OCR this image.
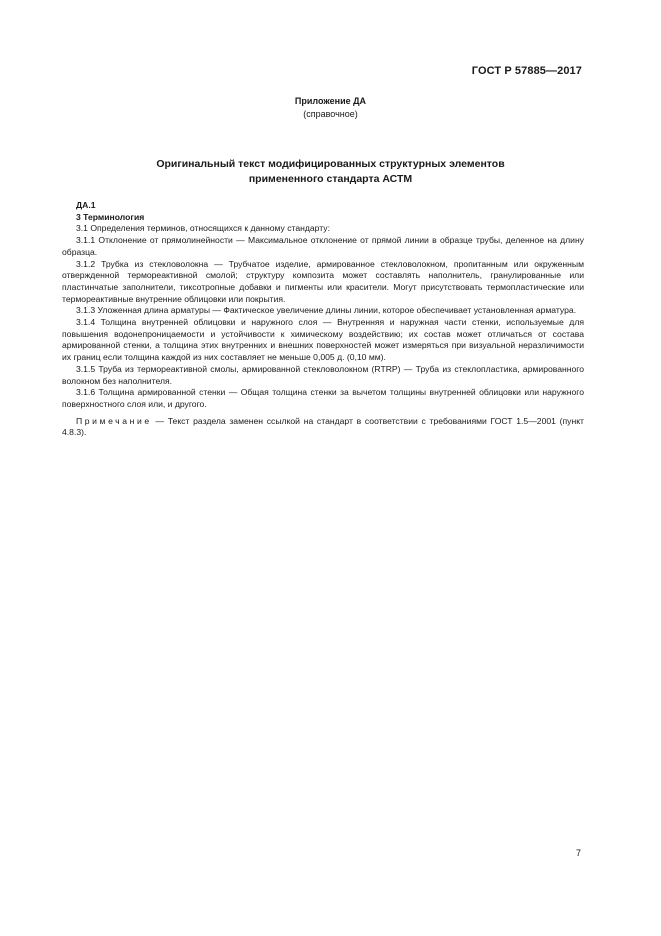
ГОСТ Р 57885—2017
Приложение ДА
(справочное)
Оригинальный текст модифицированных структурных элементов
примененного стандарта АСТМ

ДА.1

3 Терминология

3.1 Определения терминов, относящихся к данному стандарту:

3.1.1 Отклонение от прямолинейности — Максимальное отклонение от прямой линии в образце трубы, деленное на длину образца.

3.1.2 Трубка из стекловолокна — Трубчатое изделие, армированное стекловолокном, пропитанным или окруженным отвержденной термореактивной смолой; структуру композита может составлять наполнитель, гранулированные или пластинчатые заполнители, тиксотропные добавки и пигменты или красители. Могут присутствовать термопластические или термореактивные внутренние облицовки или покрытия.

3.1.3 Уложенная длина арматуры — Фактическое увеличение длины линии, которое обеспечивает установленная арматура.

3.1.4 Толщина внутренней облицовки и наружного слоя — Внутренняя и наружная части стенки, используемые для повышения водонепроницаемости и устойчивости к химическому воздействию; их состав может отличаться от состава армированной стенки, а толщина этих внутренних и внешних поверхностей может измеряться при визуальной неразличимости их границ если толщина каждой из них составляет не меньше 0,005 д. (0,10 мм).

3.1.5 Труба из термореактивной смолы, армированной стекловолокном (RTRP) — Труба из стеклопластика, армированного волокном без наполнителя.

3.1.6 Толщина армированной стенки — Общая толщина стенки за вычетом толщины внутренней облицовки или наружного поверхностного слоя или, и другого.

Примечание — Текст раздела заменен ссылкой на стандарт в соответствии с требованиями ГОСТ 1.5—2001 (пункт 4.8.3).

7
